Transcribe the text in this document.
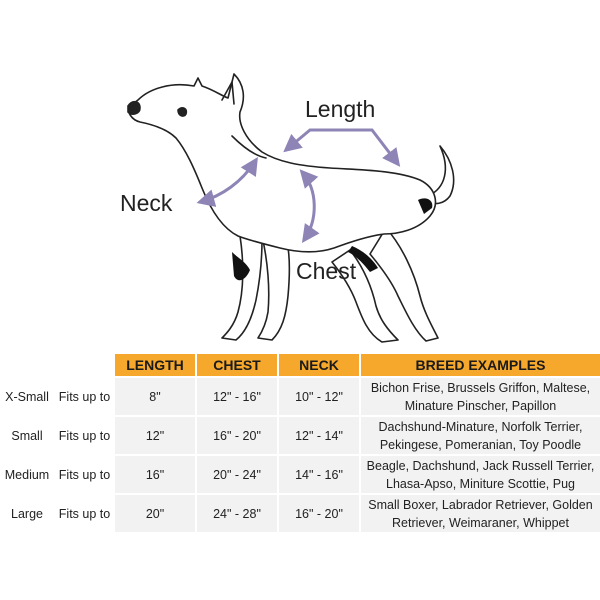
Length
Neck
Chest
		LENGTH	CHEST	NECK	BREED EXAMPLES
X-Small	Fits up to	8"	12" - 16"	10" - 12"	Bichon Frise, Brussels Griffon, Maltese,
Minature Pinscher, Papillon

Small	Fits up to	12"	16" - 20"	12" - 14"	Dachshund-Minature, Norfolk Terrier,
Pekingese, Pomeranian, Toy Poodle

Medium	Fits up to	16"	20" - 24"	14" - 16"	Beagle, Dachshund, Jack Russell Terrier,
Lhasa-Apso, Miniture Scottie, Pug

Large	Fits up to	20"	24" - 28"	16" - 20"	Small Boxer, Labrador Retriever, Golden
Retriever, Weimaraner, Whippet
